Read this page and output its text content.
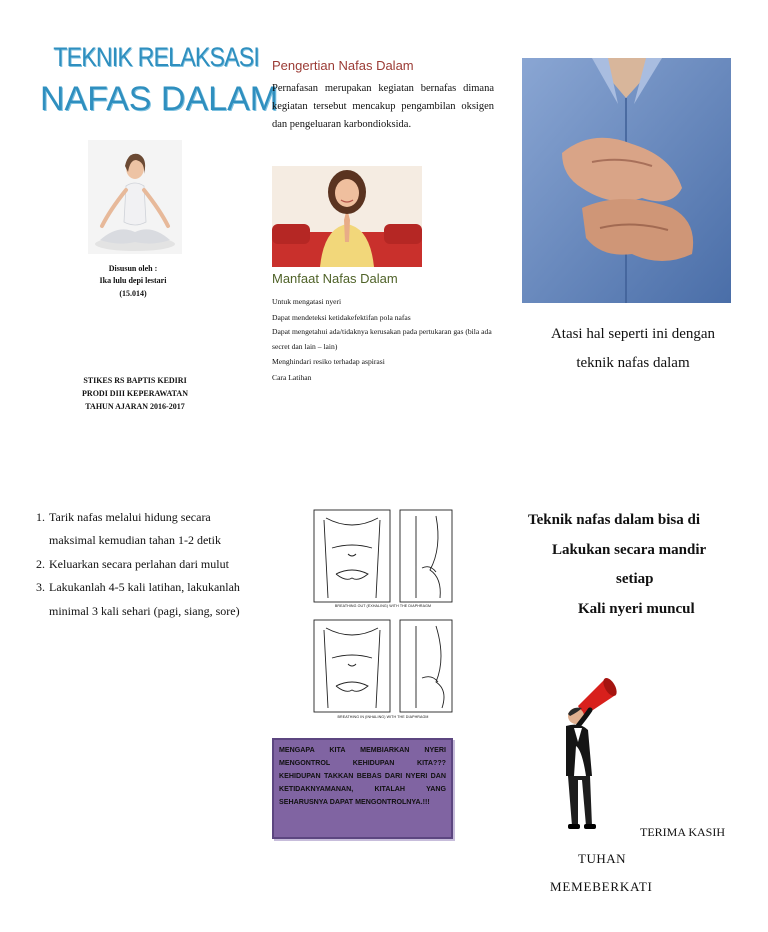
TEKNIK RELAKSASI
NAFAS DALAM
Disusun oleh :
Ika lulu depi lestari
(15.014)
STIKES RS BAPTIS KEDIRI
PRODI DIII KEPERAWATAN
TAHUN AJARAN 2016-2017
Pengertian Nafas Dalam
Pernafasan merupakan kegiatan bernafas dimana kegiatan tersebut mencakup pengambilan oksigen dan pengeluaran karbondioksida.
Manfaat Nafas Dalam
Untuk mengatasi nyeri
Dapat mendeteksi ketidakefektifan pola nafas
Dapat mengetahui ada/tidaknya kerusakan pada pertukaran gas (bila ada secret dan lain – lain)
Menghindari resiko terhadap aspirasi
Cara Latihan
Atasi hal seperti ini dengan
teknik nafas dalam
1. Tarik nafas melalui hidung secara maksimal kemudian tahan 1-2 detik
2. Keluarkan secara perlahan dari mulut
3. Lakukanlah 4-5 kali latihan, lakukanlah minimal 3 kali sehari (pagi, siang, sore)	BREATHING OUT (EXHALING) WITH THE DIAPHRAGM
BREATHING IN (INHALING) WITH THE DIAPHRAGM
MENGAPA KITA MEMBIARKAN NYERI MENGONTROL KEHIDUPAN KITA??? KEHIDUPAN TAKKAN BEBAS DARI NYERI DAN KETIDAKNYAMANAN, KITALAH YANG SEHARUSNYA DAPAT MENGONTROLNYA.!!!
Teknik nafas dalam bisa di
Lakukan secara mandir
setiap
Kali nyeri muncul
TERIMA KASIH
TUHAN
MEMEBERKATI
